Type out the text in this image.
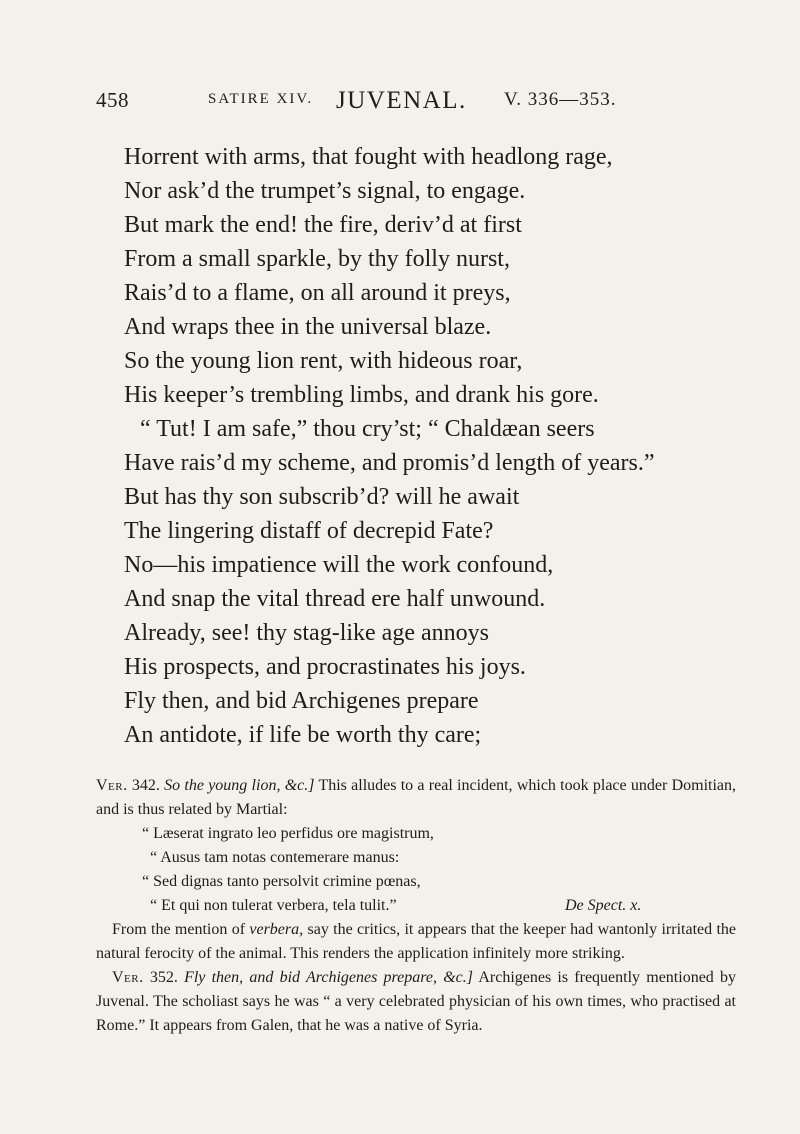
458	SATIRE XIV. JUVENAL. V. 336—353.
Horrent with arms, that fought with headlong rage,
Nor ask’d the trumpet’s signal, to engage.
But mark the end! the fire, deriv’d at first
From a small sparkle, by thy folly nurst,
Rais’d to a flame, on all around it preys,
And wraps thee in the universal blaze.
So the young lion rent, with hideous roar,
His keeper’s trembling limbs, and drank his gore.
“ Tut! I am safe,” thou cry’st; “ Chaldæan seers
Have rais’d my scheme, and promis’d length of years.”
But has thy son subscrib’d? will he await
The lingering distaff of decrepid Fate?
No—his impatience will the work confound,
And snap the vital thread ere half unwound.
Already, see! thy stag-like age annoys
His prospects, and procrastinates his joys.
Fly then, and bid Archigenes prepare
An antidote, if life be worth thy care;

Ver. 342. So the young lion, &c.] This alludes to a real incident, which took place under Domitian, and is thus related by Martial:

“ Læserat ingrato leo perfidus ore magistrum,
“ Ausus tam notas contemerare manus:
“ Sed dignas tanto persolvit crimine pœnas,
“ Et qui non tulerat verbera, tela tulit.”	De Spect. x.

From the mention of verbera, say the critics, it appears that the keeper had wantonly irritated the natural ferocity of the animal. This renders the application infinitely more striking.

Ver. 352. Fly then, and bid Archigenes prepare, &c.] Archigenes is frequently mentioned by Juvenal. The scholiast says he was “ a very celebrated physician of his own times, who practised at Rome.” It appears from Galen, that he was a native of Syria.
